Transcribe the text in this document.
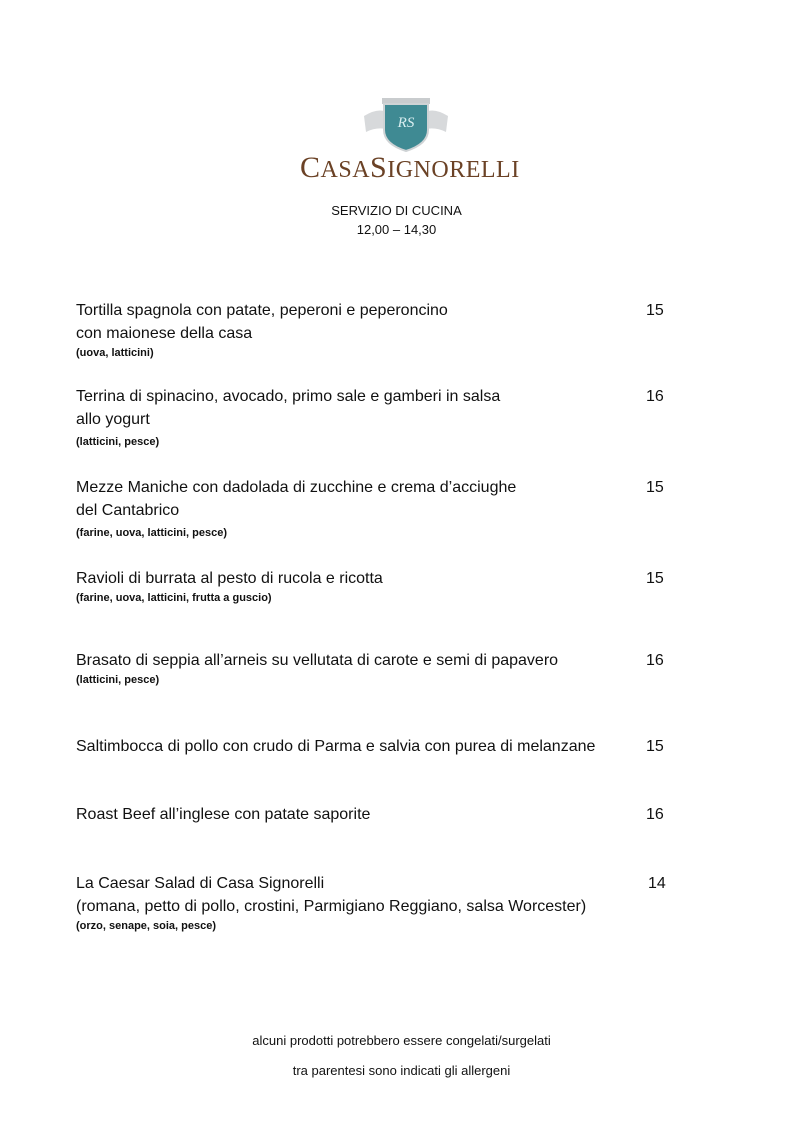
RS
CASASIGNORELLI
SERVIZIO DI CUCINA
12,00 – 14,30
Tortilla spagnola con patate, peperoni e peperoncino
con maionese della casa
(uova, latticini)
15
Terrina di spinacino, avocado, primo sale e gamberi in salsa
allo yogurt
(latticini, pesce)
16
Mezze Maniche con dadolada di zucchine e crema d’acciughe
del Cantabrico
(farine, uova, latticini, pesce)
15
Ravioli di burrata al pesto di rucola e ricotta
(farine, uova, latticini, frutta a guscio)
15
Brasato di seppia all’arneis su vellutata di carote e semi di papavero
(latticini, pesce)
16
Saltimbocca di pollo con crudo di Parma e salvia con purea di melanzane	15
Roast Beef all’inglese con patate saporite	16
La Caesar Salad di Casa Signorelli
(romana, petto di pollo, crostini, Parmigiano Reggiano, salsa Worcester)
(orzo, senape, soia, pesce)
14
alcuni prodotti potrebbero essere congelati/surgelati
tra parentesi sono indicati gli allergeni
